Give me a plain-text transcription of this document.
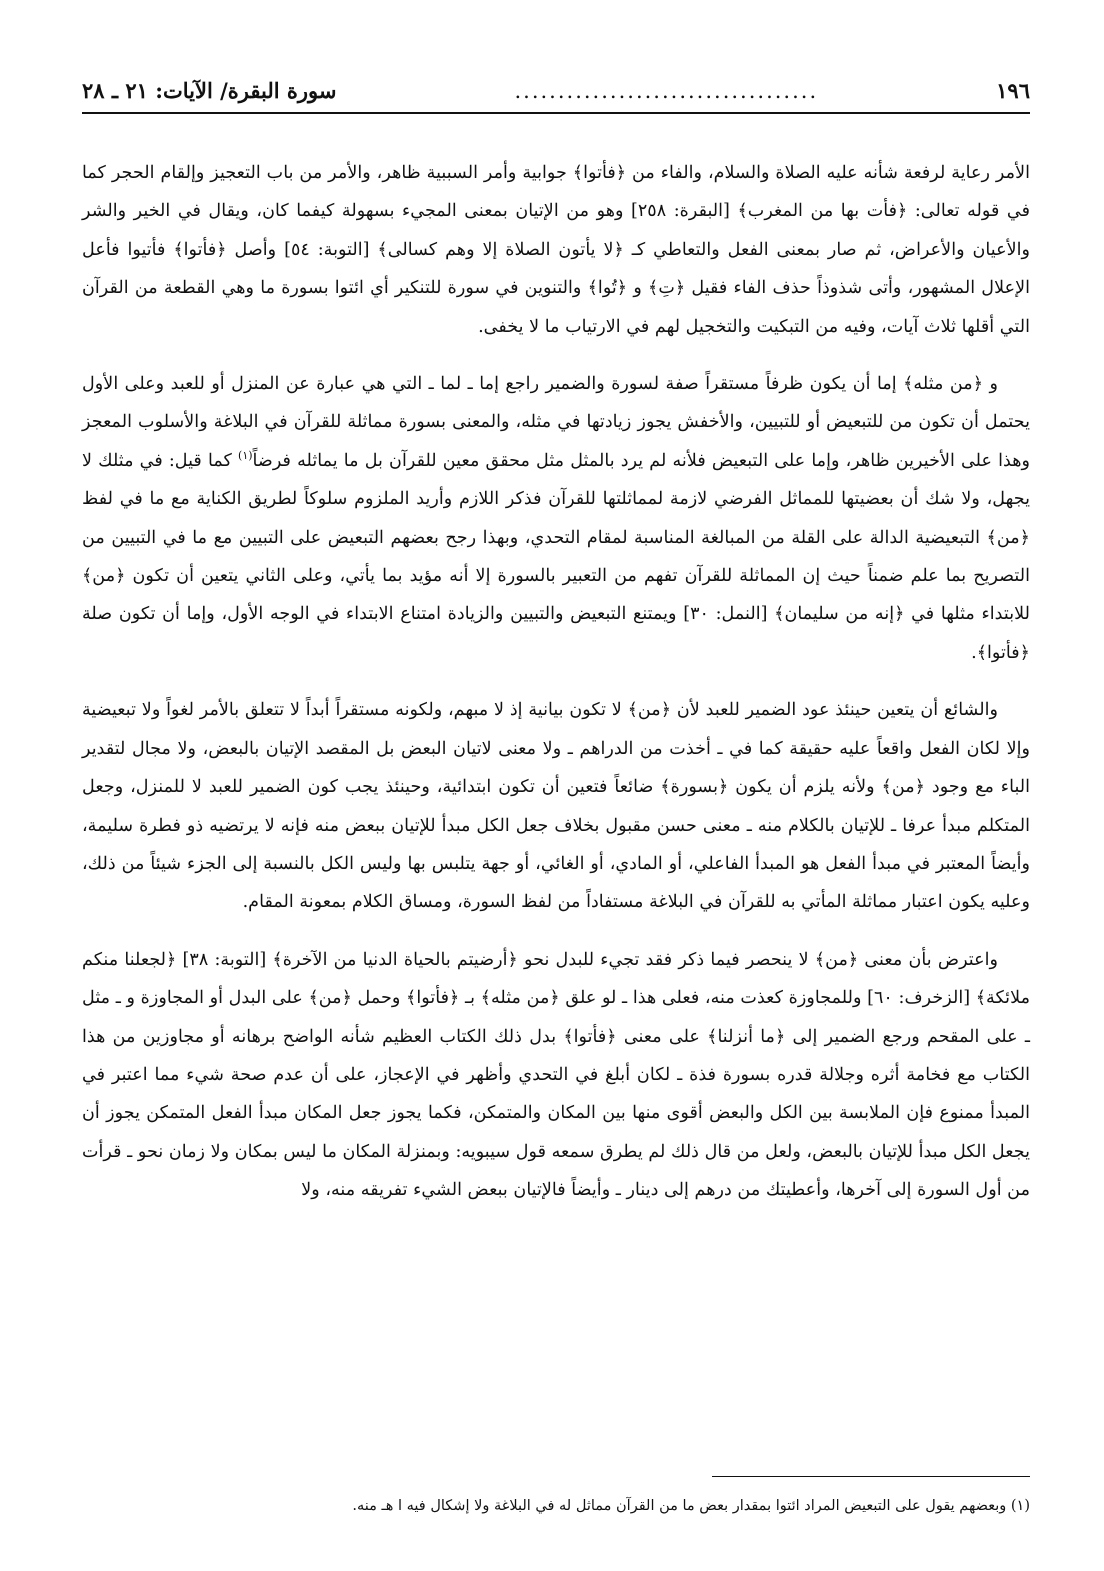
١٩٦
...................................
سورة البقرة/ الآيات: ٢١ ـ ٢٨

الأمر رعاية لرفعة شأنه عليه الصلاة والسلام، والفاء من ﴿فأتوا﴾ جوابية وأمر السببية ظاهر، والأمر من باب التعجيز وإلقام الحجر كما في قوله تعالى: ﴿فأت بها من المغرب﴾ [البقرة: ٢٥٨] وهو من الإتيان بمعنى المجيء بسهولة كيفما كان، ويقال في الخير والشر والأعيان والأعراض، ثم صار بمعنى الفعل والتعاطي كـ ﴿لا يأتون الصلاة إلا وهم كسالى﴾ [التوبة: ٥٤] وأصل ﴿فأتوا﴾ فأتيوا فأعل الإعلال المشهور، وأتى شذوذاً حذف الفاء فقيل ﴿تِ﴾ و ﴿تُوا﴾ والتنوين في سورة للتنكير أي ائتوا بسورة ما وهي القطعة من القرآن التي أقلها ثلاث آيات، وفيه من التبكيت والتخجيل لهم في الارتياب ما لا يخفى.

و ﴿من مثله﴾ إما أن يكون ظرفاً مستقراً صفة لسورة والضمير راجع إما ـ لما ـ التي هي عبارة عن المنزل أو للعبد وعلى الأول يحتمل أن تكون من للتبعيض أو للتبيين، والأخفش يجوز زيادتها في مثله، والمعنى بسورة مماثلة للقرآن في البلاغة والأسلوب المعجز وهذا على الأخيرين ظاهر، وإما على التبعيض فلأنه لم يرد بالمثل مثل محقق معين للقرآن بل ما يماثله فرضاً$^{(١)}$ كما قيل: في مثلك لا يجهل، ولا شك أن بعضيتها للمماثل الفرضي لازمة لمماثلتها للقرآن فذكر اللازم وأريد الملزوم سلوكاً لطريق الكناية مع ما في لفظ ﴿من﴾ التبعيضية الدالة على القلة من المبالغة المناسبة لمقام التحدي، وبهذا رجح بعضهم التبعيض على التبيين مع ما في التبيين من التصريح بما علم ضمناً حيث إن المماثلة للقرآن تفهم من التعبير بالسورة إلا أنه مؤيد بما يأتي، وعلى الثاني يتعين أن تكون ﴿من﴾ للابتداء مثلها في ﴿إنه من سليمان﴾ [النمل: ٣٠] ويمتنع التبعيض والتبيين والزيادة امتناع الابتداء في الوجه الأول، وإما أن تكون صلة ﴿فأتوا﴾.

والشائع أن يتعين حينئذ عود الضمير للعبد لأن ﴿من﴾ لا تكون بيانية إذ لا مبهم، ولكونه مستقراً أبداً لا تتعلق بالأمر لغواً ولا تبعيضية وإلا لكان الفعل واقعاً عليه حقيقة كما في ـ أخذت من الدراهم ـ ولا معنى لاتيان البعض بل المقصد الإتيان بالبعض، ولا مجال لتقدير الباء مع وجود ﴿من﴾ ولأنه يلزم أن يكون ﴿بسورة﴾ ضائعاً فتعين أن تكون ابتدائية، وحينئذ يجب كون الضمير للعبد لا للمنزل، وجعل المتكلم مبدأ عرفا ـ للإتيان بالكلام منه ـ معنى حسن مقبول بخلاف جعل الكل مبدأ للإتيان ببعض منه فإنه لا يرتضيه ذو فطرة سليمة، وأيضاً المعتبر في مبدأ الفعل هو المبدأ الفاعلي، أو المادي، أو الغائي، أو جهة يتلبس بها وليس الكل بالنسبة إلى الجزء شيئاً من ذلك، وعليه يكون اعتبار مماثلة المأتي به للقرآن في البلاغة مستفاداً من لفظ السورة، ومساق الكلام بمعونة المقام.

واعترض بأن معنى ﴿من﴾ لا ينحصر فيما ذكر فقد تجيء للبدل نحو ﴿أرضيتم بالحياة الدنيا من الآخرة﴾ [التوبة: ٣٨] ﴿لجعلنا منكم ملائكة﴾ [الزخرف: ٦٠] وللمجاوزة كعذت منه، فعلى هذا ـ لو علق ﴿من مثله﴾ بـ ﴿فأتوا﴾ وحمل ﴿من﴾ على البدل أو المجاوزة و ـ مثل ـ على المقحم ورجع الضمير إلى ﴿ما أنزلنا﴾ على معنى ﴿فأتوا﴾ بدل ذلك الكتاب العظيم شأنه الواضح برهانه أو مجاوزين من هذا الكتاب مع فخامة أثره وجلالة قدره بسورة فذة ـ لكان أبلغ في التحدي وأظهر في الإعجاز، على أن عدم صحة شيء مما اعتبر في المبدأ ممنوع فإن الملابسة بين الكل والبعض أقوى منها بين المكان والمتمكن، فكما يجوز جعل المكان مبدأ الفعل المتمكن يجوز أن يجعل الكل مبدأ للإتيان بالبعض، ولعل من قال ذلك لم يطرق سمعه قول سيبويه: وبمنزلة المكان ما ليس بمكان ولا زمان نحو ـ قرأت من أول السورة إلى آخرها، وأعطيتك من درهم إلى دينار ـ وأيضاً فالإتيان ببعض الشيء تفريقه منه، ولا

(١) وبعضهم يقول على التبعيض المراد ائتوا بمقدار بعض ما من القرآن مماثل له في البلاغة ولا إشكال فيه ا هـ منه.
